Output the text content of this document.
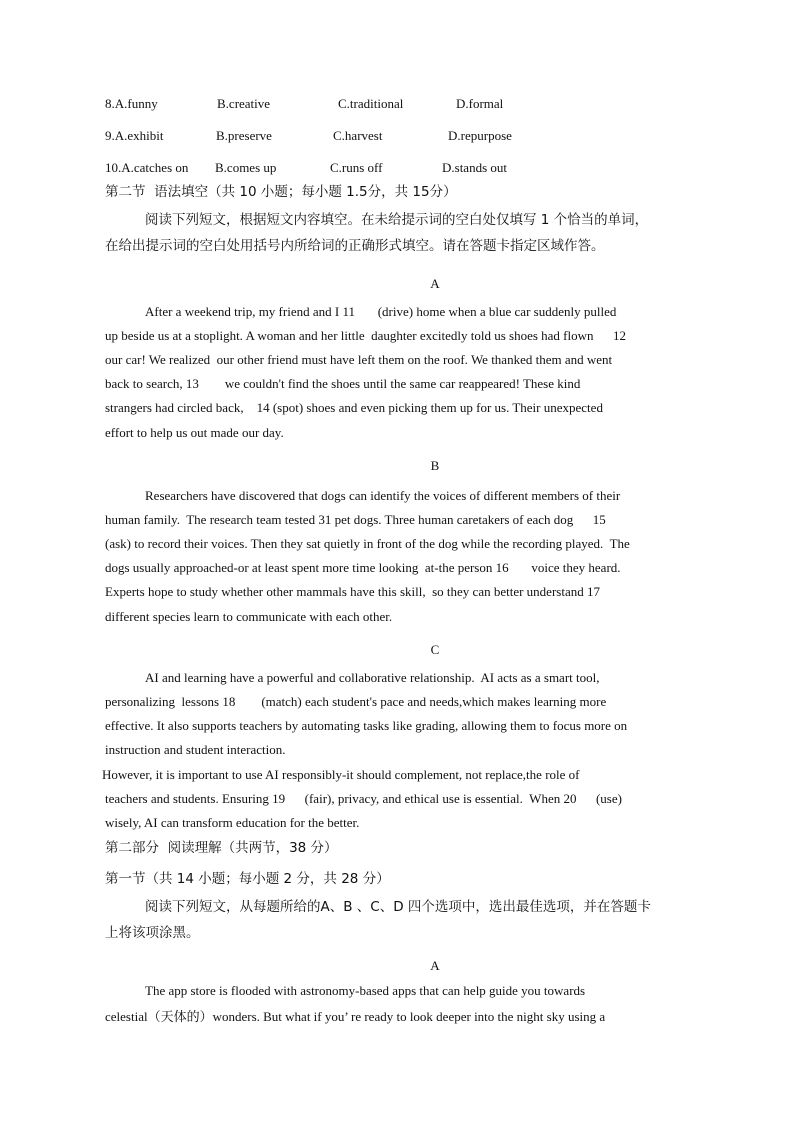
8.A.funny	B.creative	C.traditional	D.formal
9.A.exhibit	B.preserve	C.harvest	D.repurpose
10.A.catches on B.comes up	C.runs off	D.stands out
第二节  语法填空（共 10 小题；每小题 1.5分，共 15分）
阅读下列短文，根据短文内容填空。在未给提示词的空白处仅填写 1 个恰当的单词，
在给出提示词的空白处用括号内所给词的正确形式填空。请在答题卡指定区域作答。
A
After a weekend trip, my friend and I 11       (drive) home when a blue car suddenly pulled
up beside us at a stoplight. A woman and her little  daughter excitedly told us shoes had flown      12
our car! We realized  our other friend must have left them on the roof. We thanked them and went
back to search, 13        we couldn't find the shoes until the same car reappeared! These kind
strangers had circled back,    14 (spot) shoes and even picking them up for us. Their unexpected
effort to help us out made our day.
B
Researchers have discovered that dogs can identify the voices of different members of their
human family.  The research team tested 31 pet dogs. Three human caretakers of each dog      15
(ask) to record their voices. Then they sat quietly in front of the dog while the recording played.  The
dogs usually approached-or at least spent more time looking  at-the person 16       voice they heard.
Experts hope to study whether other mammals have this skill,  so they can better understand 17
different species learn to communicate with each other.
C
AI and learning have a powerful and collaborative relationship.  AI acts as a smart tool,
personalizing  lessons 18        (match) each student's pace and needs,which makes learning more
effective. It also supports teachers by automating tasks like grading, allowing them to focus more on
instruction and student interaction.
However, it is important to use AI responsibly-it should complement, not replace,the role of
teachers and students. Ensuring 19      (fair), privacy, and ethical use is essential.  When 20      (use)
wisely, AI can transform education for the better.
第二部分  阅读理解（共两节，38 分）
第一节（共 14 小题；每小题 2 分，共 28 分）
阅读下列短文，从每题所给的A、B 、C、D 四个选项中，选出最佳选项，并在答题卡
上将该项涂黑。
A
The app store is flooded with astronomy-based apps that can help guide you towards
celestial（天体的）wonders. But what if you’ re ready to look deeper into the night sky using a
